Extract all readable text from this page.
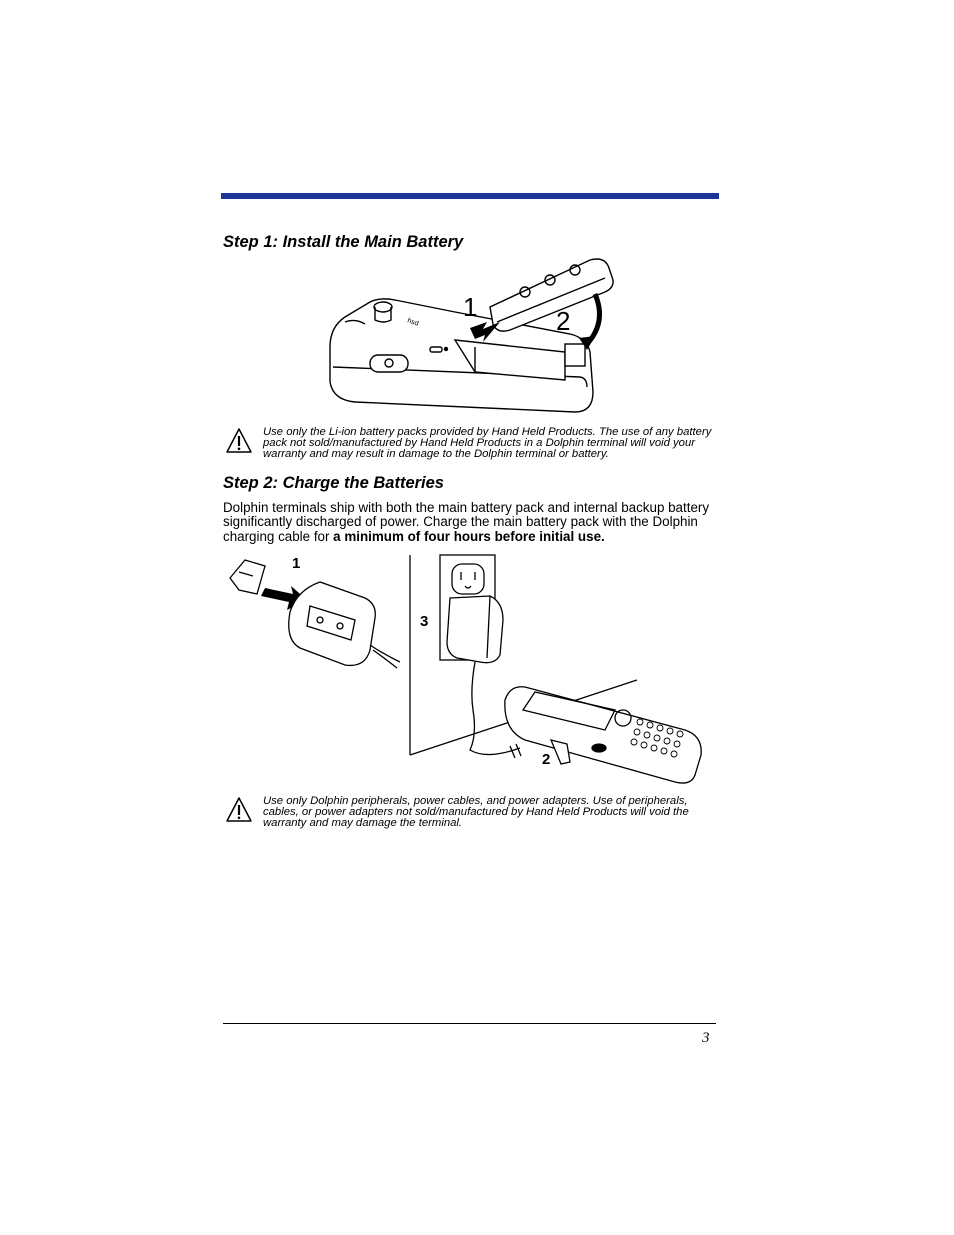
Step 1: Install the Main Battery
hsd
1	2
Use only the Li-ion battery packs provided by Hand Held Products. The use of any battery pack not sold/manufactured by Hand Held Products in a Dolphin terminal will void your warranty and may result in damage to the Dolphin terminal or battery.
Step 2: Charge the Batteries
Dolphin terminals ship with both the main battery pack and internal backup battery significantly discharged of power. Charge the main battery pack with the Dolphin charging cable for a minimum of four hours before initial use.
1
3
2
Use only Dolphin peripherals, power cables, and power adapters. Use of peripherals, cables, or power adapters not sold/manufactured by Hand Held Products will void the warranty and may damage the terminal.
3
